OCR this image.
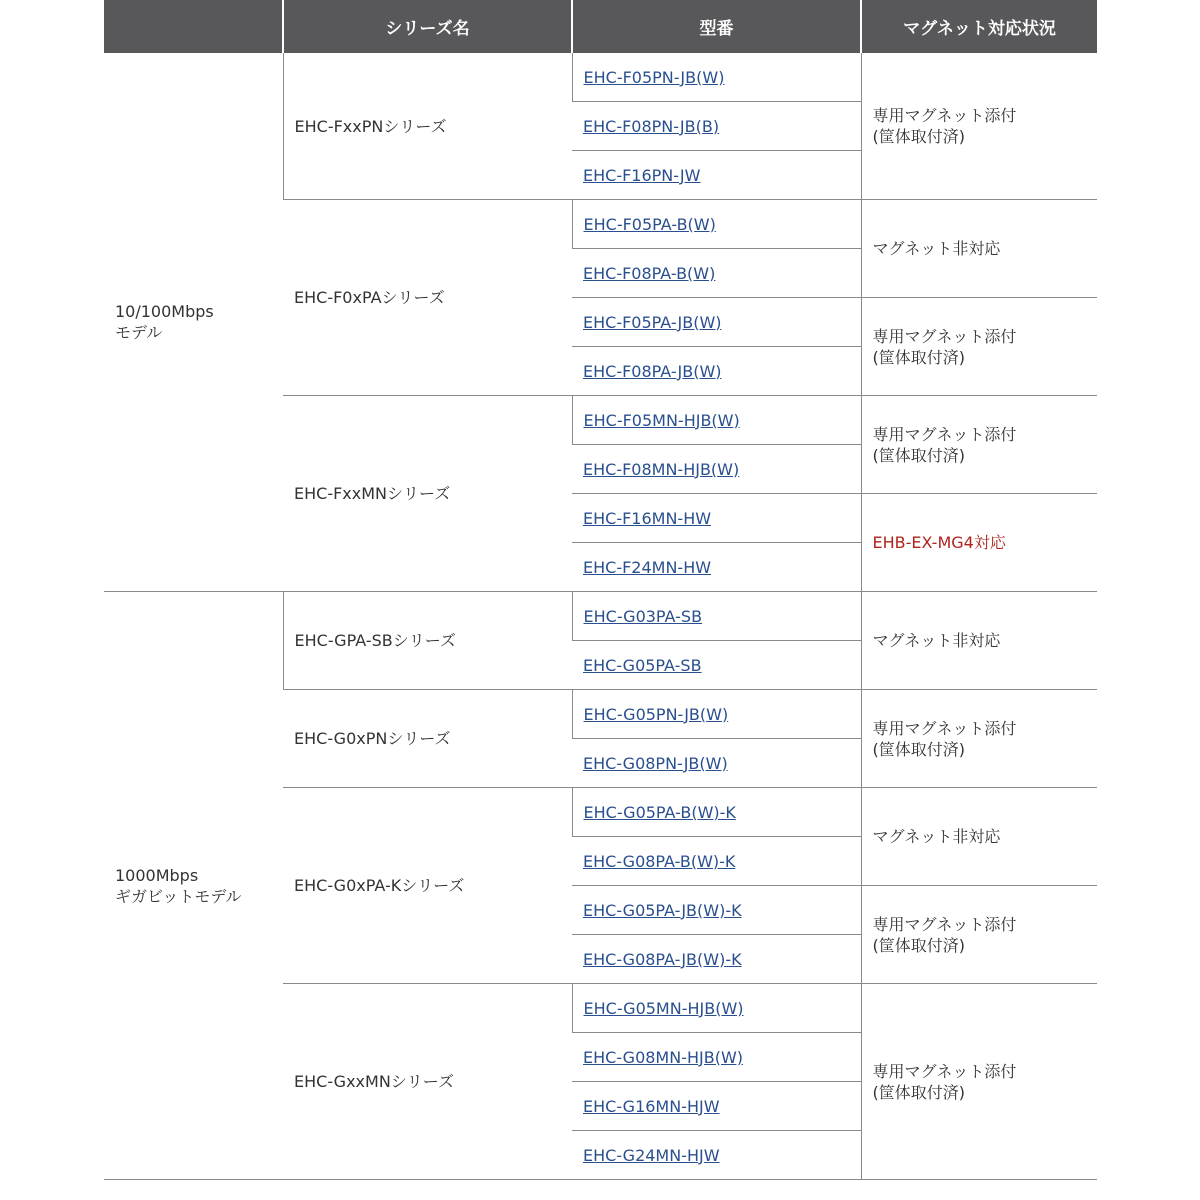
	シリーズ名	型番	マグネット対応状況
10/100Mbps
モデル	EHC-FxxPNシリーズ	EHC-F05PN-JB(W)	専用マグネット添付
(筐体取付済)
		EHC-F08PN-JB(B)	
		EHC-F16PN-JW	
	EHC-F0xPAシリーズ	EHC-F05PA-B(W)	マグネット非対応
		EHC-F08PA-B(W)	
		EHC-F05PA-JB(W)	専用マグネット添付
(筐体取付済)
		EHC-F08PA-JB(W)	
	EHC-FxxMNシリーズ	EHC-F05MN-HJB(W)	専用マグネット添付
(筐体取付済)
		EHC-F08MN-HJB(W)	
		EHC-F16MN-HW	EHB-EX-MG4対応
		EHC-F24MN-HW	
1000Mbps
ギガビットモデル	EHC-GPA-SBシリーズ	EHC-G03PA-SB	マグネット非対応
		EHC-G05PA-SB	
	EHC-G0xPNシリーズ	EHC-G05PN-JB(W)	専用マグネット添付
(筐体取付済)
		EHC-G08PN-JB(W)	
	EHC-G0xPA-Kシリーズ	EHC-G05PA-B(W)-K	マグネット非対応
		EHC-G08PA-B(W)-K	
		EHC-G05PA-JB(W)-K	専用マグネット添付
(筐体取付済)
		EHC-G08PA-JB(W)-K	
	EHC-GxxMNシリーズ	EHC-G05MN-HJB(W)	専用マグネット添付
(筐体取付済)
		EHC-G08MN-HJB(W)	
		EHC-G16MN-HJW	
		EHC-G24MN-HJW	
